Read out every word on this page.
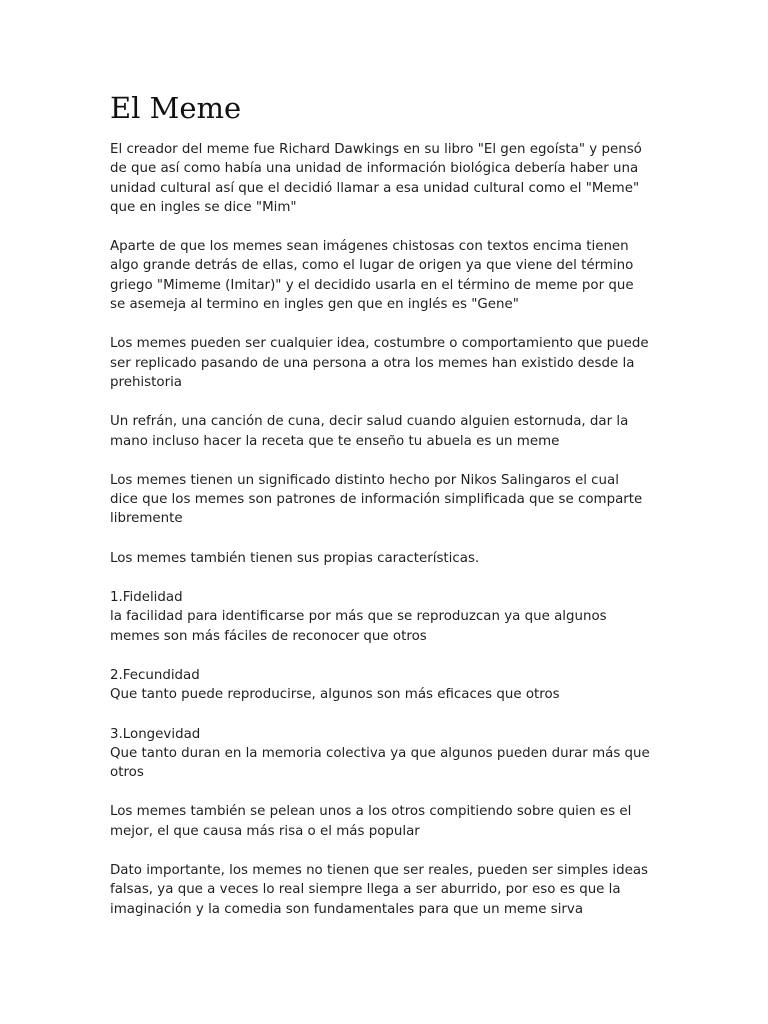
El Meme
El creador del meme fue Richard Dawkings en su libro "El gen egoísta" y pensó
de que así como había una unidad de información biológica debería haber una
unidad cultural así que el decidió llamar a esa unidad cultural como el "Meme"
que en ingles se dice "Mim"
Aparte de que los memes sean imágenes chistosas con textos encima tienen
algo grande detrás de ellas, como el lugar de origen ya que viene del término
griego "Mimeme (Imitar)" y el decidido usarla en el término de meme por que
se asemeja al termino en ingles gen que en inglés es "Gene"
Los memes pueden ser cualquier idea, costumbre o comportamiento que puede
ser replicado pasando de una persona a otra los memes han existido desde la
prehistoria
Un refrán, una canción de cuna, decir salud cuando alguien estornuda, dar la
mano incluso hacer la receta que te enseño tu abuela es un meme
Los memes tienen un significado distinto hecho por Nikos Salingaros el cual
dice que los memes son patrones de información simplificada que se comparte
libremente
Los memes también tienen sus propias características.
1.Fidelidad
la facilidad para identificarse por más que se reproduzcan ya que algunos
memes son más fáciles de reconocer que otros
2.Fecundidad
Que tanto puede reproducirse, algunos son más eficaces que otros
3.Longevidad
Que tanto duran en la memoria colectiva ya que algunos pueden durar más que
otros
Los memes también se pelean unos a los otros compitiendo sobre quien es el
mejor, el que causa más risa o el más popular
Dato importante, los memes no tienen que ser reales, pueden ser simples ideas
falsas, ya que a veces lo real siempre llega a ser aburrido, por eso es que la
imaginación y la comedia son fundamentales para que un meme sirva
